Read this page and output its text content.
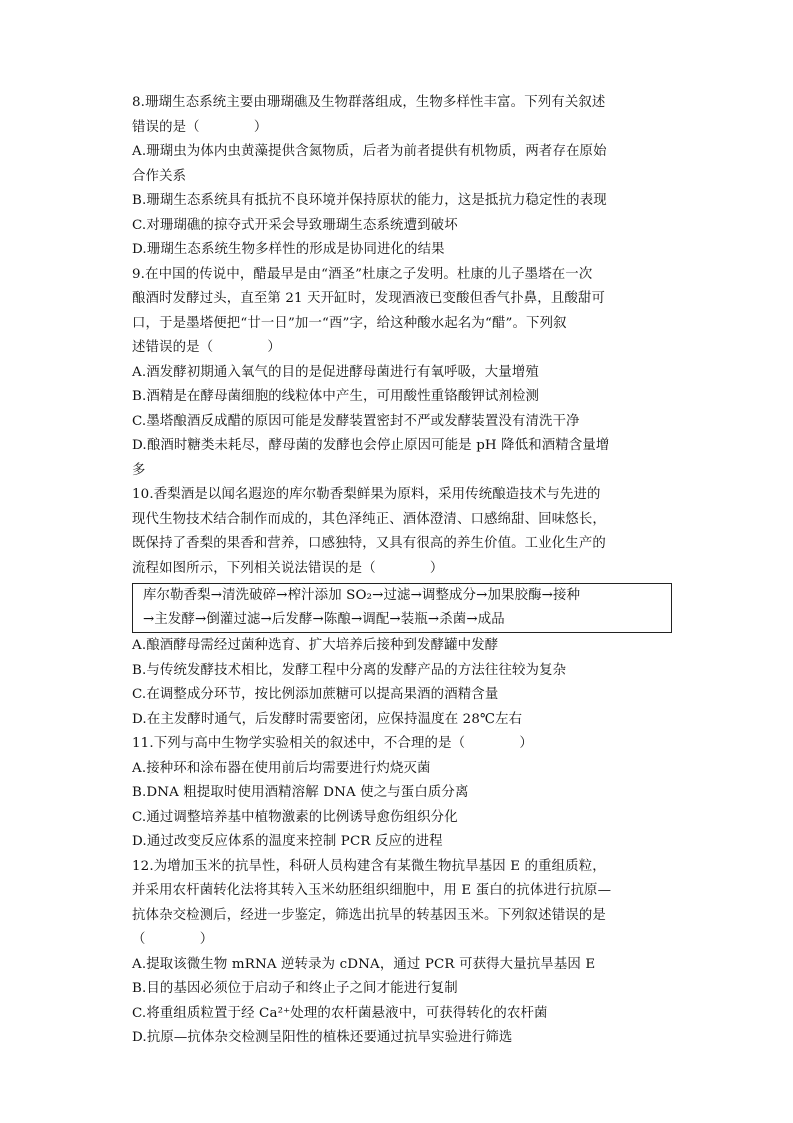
8.珊瑚生态系统主要由珊瑚礁及生物群落组成，生物多样性丰富。下列有关叙述
错误的是（　　　　）
A.珊瑚虫为体内虫黄藻提供含氮物质，后者为前者提供有机物质，两者存在原始
合作关系
B.珊瑚生态系统具有抵抗不良环境并保持原状的能力，这是抵抗力稳定性的表现
C.对珊瑚礁的掠夺式开采会导致珊瑚生态系统遭到破坏
D.珊瑚生态系统生物多样性的形成是协同进化的结果
9.在中国的传说中，醋最早是由“酒圣”杜康之子发明。杜康的儿子墨塔在一次
酿酒时发酵过头，直至第 21 天开缸时，发现酒液已变酸但香气扑鼻，且酸甜可
口，于是墨塔便把“廿一日”加一“酉”字，给这种酸水起名为“醋”。下列叙
述错误的是（　　　　）
A.酒发酵初期通入氧气的目的是促进酵母菌进行有氧呼吸，大量增殖
B.酒精是在酵母菌细胞的线粒体中产生，可用酸性重铬酸钾试剂检测
C.墨塔酿酒反成醋的原因可能是发酵装置密封不严或发酵装置没有清洗干净
D.酿酒时糖类未耗尽，酵母菌的发酵也会停止原因可能是 pH 降低和酒精含量增
多
10.香梨酒是以闻名遐迩的库尔勒香梨鲜果为原料，采用传统酿造技术与先进的
现代生物技术结合制作而成的，其色泽纯正、酒体澄清、口感绵甜、回味悠长，
既保持了香梨的果香和营养，口感独特，又具有很高的养生价值。工业化生产的
流程如图所示，下列相关说法错误的是（　　　　）
库尔勒香梨→清洗破碎→榨汁添加 SO₂→过滤→调整成分→加果胶酶→接种
→主发酵→倒灌过滤→后发酵→陈酿→调配→装瓶→杀菌→成品
A.酿酒酵母需经过菌种选育、扩大培养后接种到发酵罐中发酵
B.与传统发酵技术相比，发酵工程中分离的发酵产品的方法往往较为复杂
C.在调整成分环节，按比例添加蔗糖可以提高果酒的酒精含量
D.在主发酵时通气，后发酵时需要密闭，应保持温度在 28℃左右
11.下列与高中生物学实验相关的叙述中，不合理的是（　　　　）
A.接种环和涂布器在使用前后均需要进行灼烧灭菌
B.DNA 粗提取时使用酒精溶解 DNA 使之与蛋白质分离
C.通过调整培养基中植物激素的比例诱导愈伤组织分化
D.通过改变反应体系的温度来控制 PCR 反应的进程
12.为增加玉米的抗旱性，科研人员构建含有某微生物抗旱基因 E 的重组质粒，
并采用农杆菌转化法将其转入玉米幼胚组织细胞中，用 E 蛋白的抗体进行抗原—
抗体杂交检测后，经进一步鉴定，筛选出抗旱的转基因玉米。下列叙述错误的是
（　　　　）
A.提取该微生物 mRNA 逆转录为 cDNA，通过 PCR 可获得大量抗旱基因 E
B.目的基因必须位于启动子和终止子之间才能进行复制
C.将重组质粒置于经 Ca²⁺处理的农杆菌悬液中，可获得转化的农杆菌
D.抗原—抗体杂交检测呈阳性的植株还要通过抗旱实验进行筛选
